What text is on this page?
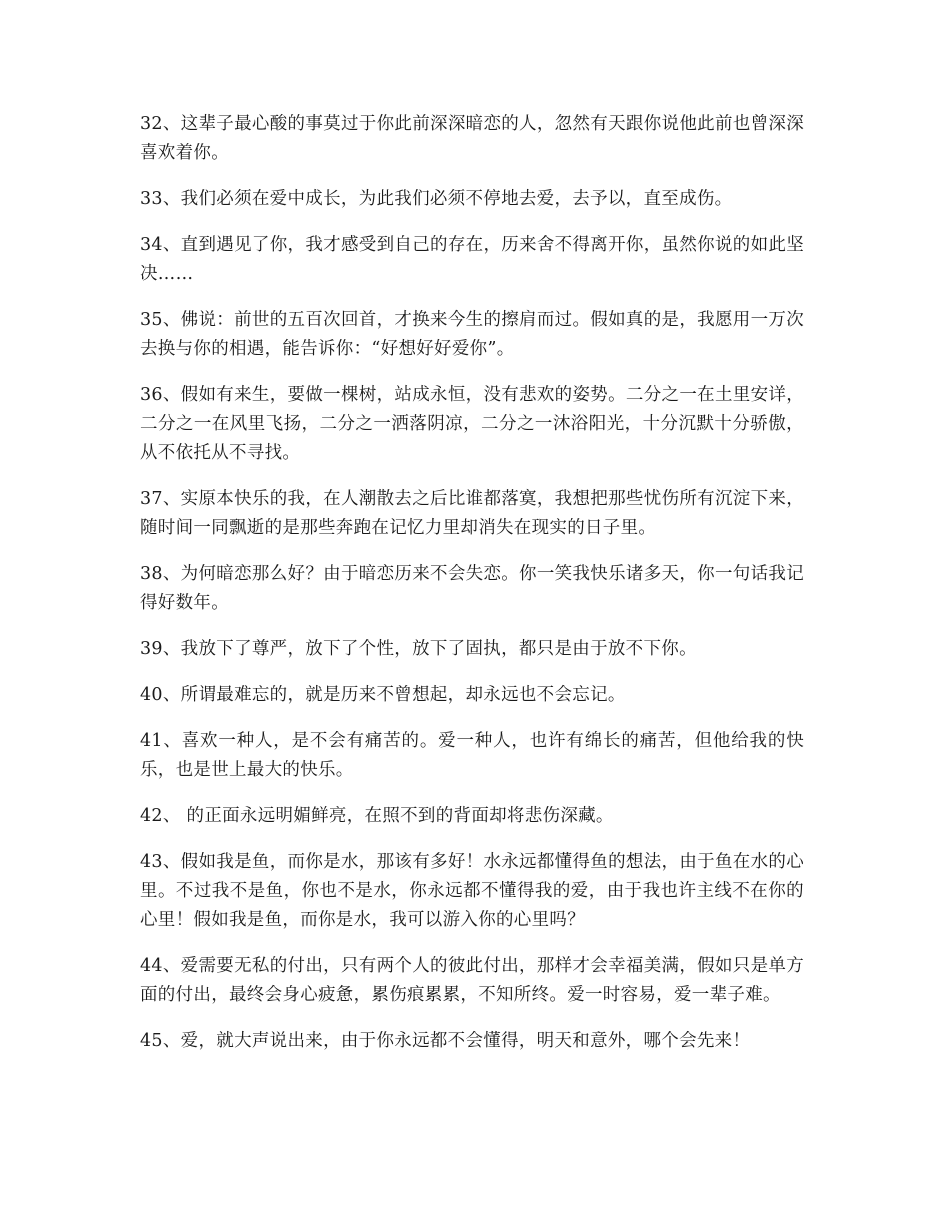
32、这辈子最心酸的事莫过于你此前深深暗恋的人，忽然有天跟你说他此前也曾深深喜欢着你。

33、我们必须在爱中成长，为此我们必须不停地去爱，去予以，直至成伤。

34、直到遇见了你，我才感受到自己的存在，历来舍不得离开你，虽然你说的如此坚决……

35、佛说：前世的五百次回首，才换来今生的擦肩而过。假如真的是，我愿用一万次去换与你的相遇，能告诉你：“好想好好爱你”。

36、假如有来生，要做一棵树，站成永恒，没有悲欢的姿势。二分之一在土里安详，二分之一在风里飞扬，二分之一洒落阴凉，二分之一沐浴阳光，十分沉默十分骄傲，从不依托从不寻找。

37、实原本快乐的我，在人潮散去之后比谁都落寞，我想把那些忧伤所有沉淀下来，随时间一同飘逝的是那些奔跑在记忆力里却消失在现实的日子里。

38、为何暗恋那么好？由于暗恋历来不会失恋。你一笑我快乐诸多天，你一句话我记得好数年。

39、我放下了尊严，放下了个性，放下了固执，都只是由于放不下你。

40、所谓最难忘的，就是历来不曾想起，却永远也不会忘记。

41、喜欢一种人，是不会有痛苦的。爱一种人，也许有绵长的痛苦，但他给我的快乐，也是世上最大的快乐。

42、 的正面永远明媚鲜亮，在照不到的背面却将悲伤深藏。

43、假如我是鱼，而你是水，那该有多好！水永远都懂得鱼的想法，由于鱼在水的心里。不过我不是鱼，你也不是水，你永远都不懂得我的爱，由于我也许主线不在你的心里！假如我是鱼，而你是水，我可以游入你的心里吗？

44、爱需要无私的付出，只有两个人的彼此付出，那样才会幸福美满，假如只是单方面的付出，最终会身心疲惫，累伤痕累累，不知所终。爱一时容易，爱一辈子难。

45、爱，就大声说出来，由于你永远都不会懂得，明天和意外，哪个会先来！
